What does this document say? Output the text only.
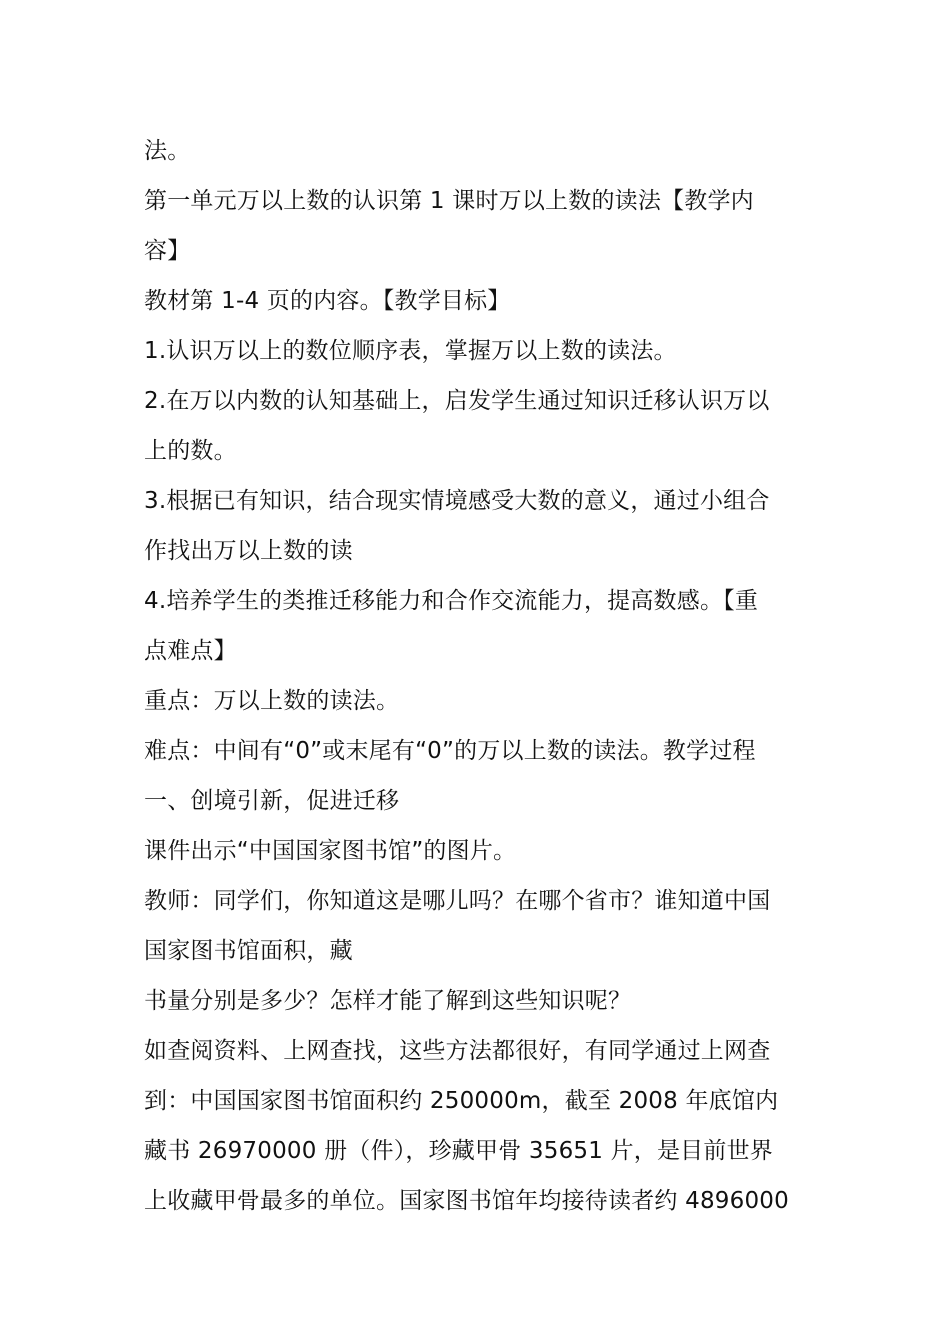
法。
第一单元万以上数的认识第 1 课时万以上数的读法【教学内
容】
教材第 1-4 页的内容。【教学目标】
1.认识万以上的数位顺序表，掌握万以上数的读法。
2.在万以内数的认知基础上，启发学生通过知识迁移认识万以
上的数。
3.根据已有知识，结合现实情境感受大数的意义，通过小组合
作找出万以上数的读
4.培养学生的类推迁移能力和合作交流能力，提高数感。【重
点难点】
重点：万以上数的读法。
难点：中间有“0”或末尾有“0”的万以上数的读法。教学过程
一、创境引新，促进迁移
课件出示“中国国家图书馆”的图片。
教师：同学们，你知道这是哪儿吗？在哪个省市？谁知道中国
国家图书馆面积，藏
书量分别是多少？怎样才能了解到这些知识呢？
如查阅资料、上网查找，这些方法都很好，有同学通过上网查
到：中国国家图书馆面积约 250000m，截至 2008 年底馆内
藏书 26970000 册（件），珍藏甲骨 35651 片，是目前世界
上收藏甲骨最多的单位。国家图书馆年均接待读者约 4896000
